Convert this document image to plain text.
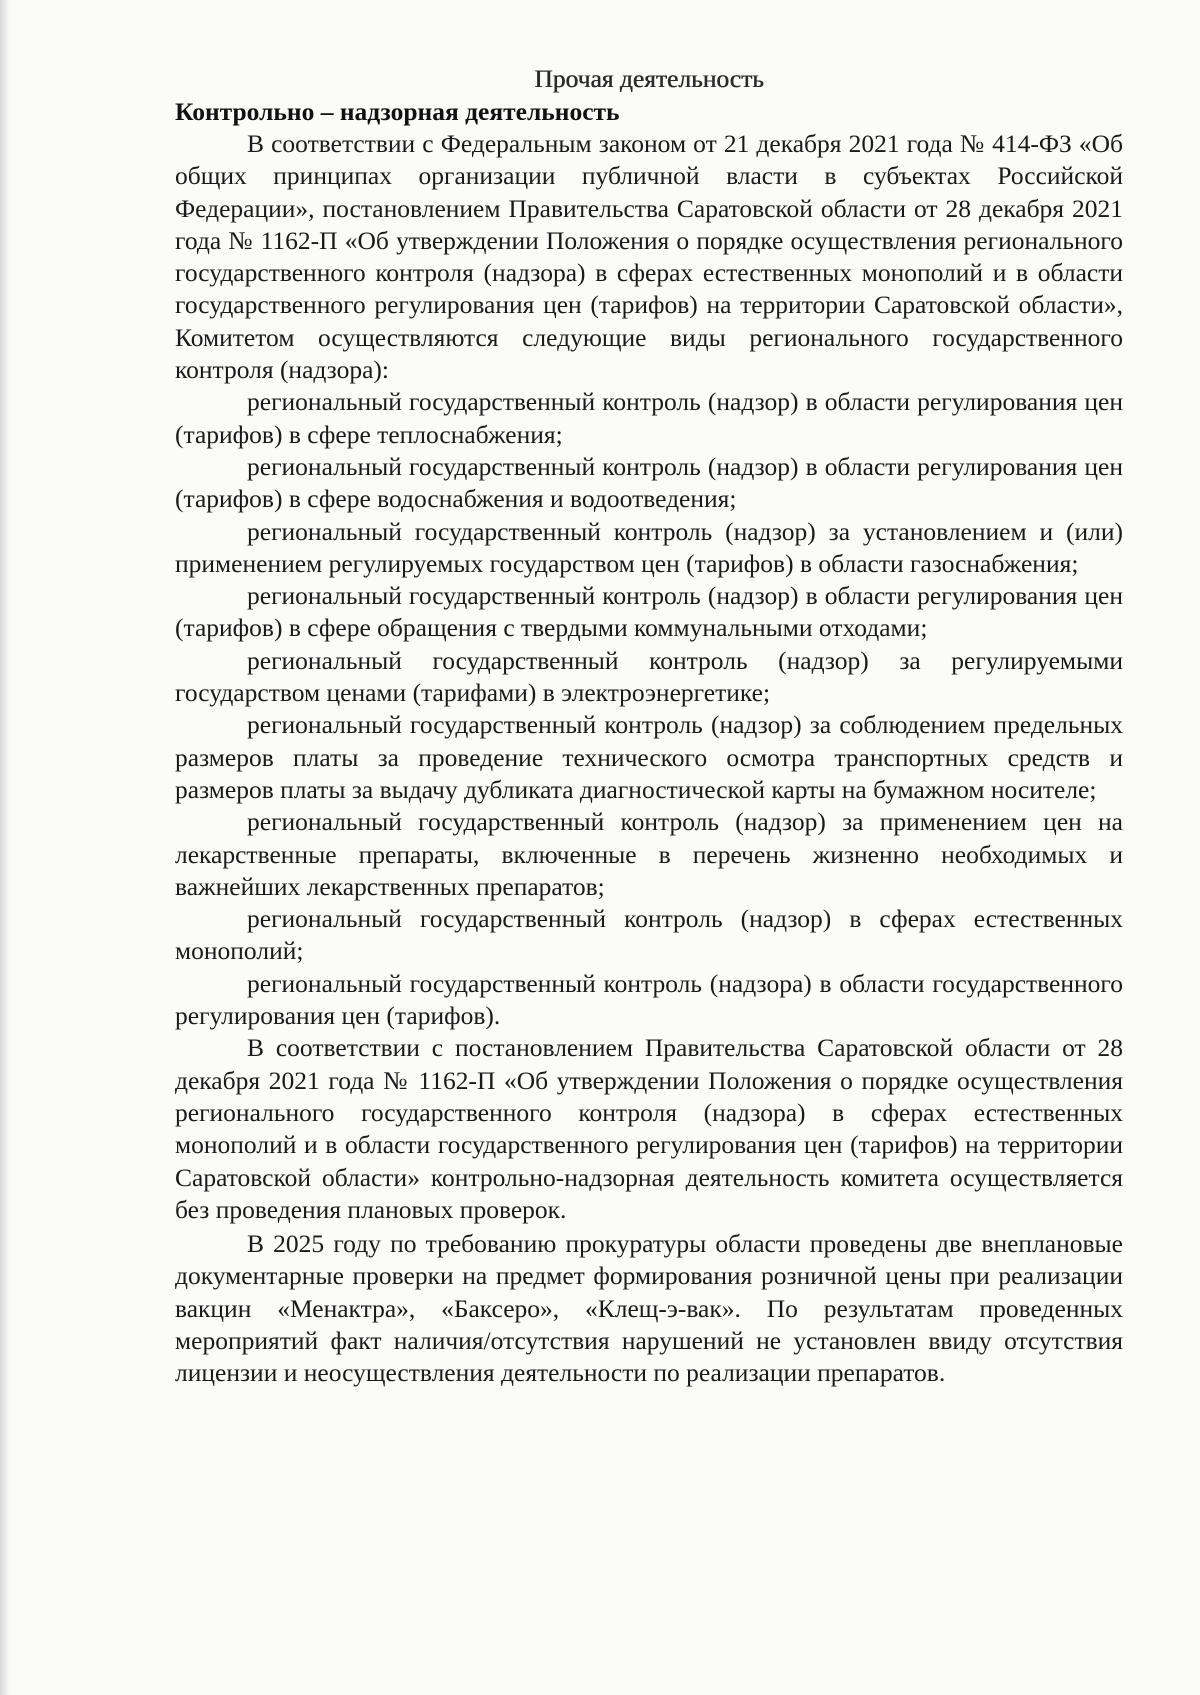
Прочая деятельность
Контрольно – надзорная деятельность

В соответствии с Федеральным законом от 21 декабря 2021 года № 414-ФЗ «Об общих принципах организации публичной власти в субъектах Российской Федерации», постановлением Правительства Саратовской области от 28 декабря 2021 года № 1162-П «Об утверждении Положения о порядке осуществления регионального государственного контроля (надзора) в сферах естественных монополий и в области государственного регулирования цен (тарифов) на территории Саратовской области», Комитетом осуществляются следующие виды регионального государственного контроля (надзора):

региональный государственный контроль (надзор) в области регулирования цен (тарифов) в сфере теплоснабжения;

региональный государственный контроль (надзор) в области регулирования цен (тарифов) в сфере водоснабжения и водоотведения;

региональный государственный контроль (надзор) за установлением и (или) применением регулируемых государством цен (тарифов) в области газоснабжения;

региональный государственный контроль (надзор) в области регулирования цен (тарифов) в сфере обращения с твердыми коммунальными отходами;

региональный государственный контроль (надзор) за регулируемыми государством ценами (тарифами) в электроэнергетике;

региональный государственный контроль (надзор) за соблюдением предельных размеров платы за проведение технического осмотра транспортных средств и размеров платы за выдачу дубликата диагностической карты на бумажном носителе;

региональный государственный контроль (надзор) за применением цен на лекарственные препараты, включенные в перечень жизненно необходимых и важнейших лекарственных препаратов;

региональный государственный контроль (надзор) в сферах естественных монополий;

региональный государственный контроль (надзора) в области государственного регулирования цен (тарифов).

В соответствии с постановлением Правительства Саратовской области от 28 декабря 2021 года № 1162-П «Об утверждении Положения о порядке осуществления регионального государственного контроля (надзора) в сферах естественных монополий и в области государственного регулирования цен (тарифов) на территории Саратовской области» контрольно-надзорная деятельность комитета осуществляется без проведения плановых проверок.

В 2025 году по требованию прокуратуры области проведены две внеплановые документарные проверки на предмет формирования розничной цены при реализации вакцин «Менактра», «Баксеро», «Клещ-э-вак». По результатам проведенных мероприятий факт наличия/отсутствия нарушений не установлен ввиду отсутствия лицензии и неосуществления деятельности по реализации препаратов.
